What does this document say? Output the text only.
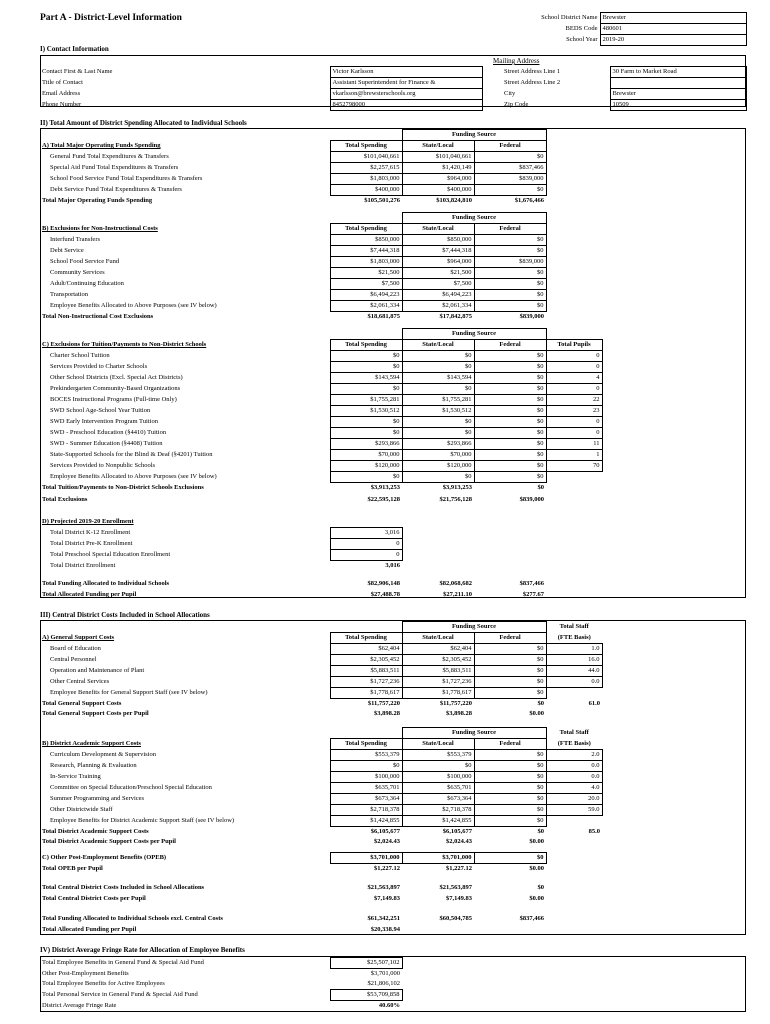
Part A - District-Level Information	School District Name	Brewster
BEDS Code	480601
School Year	2019-20
I) Contact Information
Mailing Address
Contact First & Last Name	Victor Karlsson		Street Address Line 1	30 Farm to Market Road
Title of Contact	Assistant Superintendent for Finance &		Street Address Line 2	
Email Address	vkarlsson@brewsterschools.org		City	Brewster
Phone Number	8452798000		Zip Code	10509
II) Total Amount of District Spending Allocated to Individual Schools
		Funding Source		
A) Total Major Operating Funds Spending	Total Spending	State/Local	Federal	
General Fund Total Expenditures & Transfers	$101,040,661	$101,040,661	$0	
Special Aid Fund Total Expenditures & Transfers	$2,257,615	$1,420,149	$837,466	
School Food Service Fund Total Expenditures & Transfers	$1,803,000	$964,000	$839,000	
Debt Service Fund Total Expenditures & Transfers	$400,000	$400,000	$0	
Total Major Operating Funds Spending	$105,501,276	$103,824,810	$1,676,466	
		Funding Source		
B) Exclusions for Non-Instructional Costs	Total Spending	State/Local	Federal	
Interfund Transfers	$850,000	$850,000	$0	
Debt Service	$7,444,318	$7,444,318	$0	
School Food Service Fund	$1,803,000	$964,000	$839,000	
Community Services	$21,500	$21,500	$0	
Adult/Continuing Education	$7,500	$7,500	$0	
Transportation	$6,494,223	$6,494,223	$0	
Employee Benefits Allocated to Above Purposes (see IV below)	$2,061,334	$2,061,334	$0	
Total Non-Instructional Cost Exclusions	$18,681,875	$17,842,875	$839,000	
		Funding Source		
C) Exclusions for Tuition/Payments to Non-District Schools	Total Spending	State/Local	Federal	Total Pupils
Charter School Tuition	$0	$0	$0	0
Services Provided to Charter Schools	$0	$0	$0	0
Other School Districts (Excl. Special Act Districts)	$143,594	$143,594	$0	4
Prekindergarten Community-Based Organizations	$0	$0	$0	0
BOCES Instructional Programs (Full-time Only)	$1,755,281	$1,755,281	$0	22
SWD School Age-School Year Tuition	$1,530,512	$1,530,512	$0	23
SWD Early Intervention Program Tuition	$0	$0	$0	0
SWD - Preschool Education (§4410) Tuition	$0	$0	$0	0
SWD - Summer Education (§4408) Tuition	$293,866	$293,866	$0	11
State-Supported Schools for the Blind & Deaf (§4201) Tuition	$70,000	$70,000	$0	1
Services Provided to Nonpublic Schools	$120,000	$120,000	$0	70
Employee Benefits Allocated to Above Purposes (see IV below)	$0	$0	$0	
Total Tuition/Payments to Non-District Schools Exclusions	$3,913,253	$3,913,253	$0	
Total Exclusions	$22,595,128	$21,756,128	$839,000	
D) Projected 2019-20 Enrollment	
Total District K-12 Enrollment	3,016
Total District Pre-K Enrollment	0
Total Preschool Special Education Enrollment	0
Total District Enrollment	3,016
Total Funding Allocated to Individual Schools	$82,906,148	$82,068,682	$837,466	
Total Allocated Funding per Pupil	$27,488.78	$27,211.10	$277.67	
III) Central District Costs Included in School Allocations
		Funding Source		Total Staff
A) General Support Costs	Total Spending	State/Local	Federal	(FTE Basis)
Board of Education	$62,404	$62,404	$0	1.0
Central Personnel	$2,305,452	$2,305,452	$0	16.0
Operation and Maintenance of Plant	$5,883,511	$5,883,511	$0	44.0
Other Central Services	$1,727,236	$1,727,236	$0	0.0
Employee Benefits for General Support Staff (see IV below)	$1,778,617	$1,778,617	$0	
Total General Support Costs	$11,757,220	$11,757,220	$0	61.0
Total General Support Costs per Pupil	$3,898.28	$3,898.28	$0.00	
		Funding Source		Total Staff
B) District Academic Support Costs	Total Spending	State/Local	Federal	(FTE Basis)
Curriculum Development & Supervision	$553,379	$553,379	$0	2.0
Research, Planning & Evaluation	$0	$0	$0	0.0
In-Service Training	$100,000	$100,000	$0	0.0
Committee on Special Education/Preschool Special Education	$635,701	$635,701	$0	4.0
Summer Programming and Services	$673,364	$673,364	$0	20.0
Other Districtwide Staff	$2,718,378	$2,718,378	$0	59.0
Employee Benefits for District Academic Support Staff (see IV below)	$1,424,855	$1,424,855	$0	
Total District Academic Support Costs	$6,105,677	$6,105,677	$0	85.0
Total District Academic Support Costs per Pupil	$2,024.43	$2,024.43	$0.00	
C) Other Post-Employment Benefits (OPEB)	$3,701,000	$3,701,000	$0	
Total OPEB per Pupil	$1,227.12	$1,227.12	$0.00	
Total Central District Costs Included in School Allocations	$21,563,897	$21,563,897	$0	
Total Central District Costs per Pupil	$7,149.83	$7,149.83	$0.00	
Total Funding Allocated to Individual Schools excl. Central Costs	$61,342,251	$60,504,785	$837,466	
Total Allocated Funding per Pupil	$20,338.94			
IV) District Average Fringe Rate for Allocation of Employee Benefits
Total Employee Benefits in General Fund & Special Aid Fund	$25,507,102
Other Post-Employment Benefits	$3,701,000
Total Employee Benefits for Active Employees	$21,806,102
Total Personal Service in General Fund & Special Aid Fund	$53,709,858
District Average Fringe Rate	40.60%
